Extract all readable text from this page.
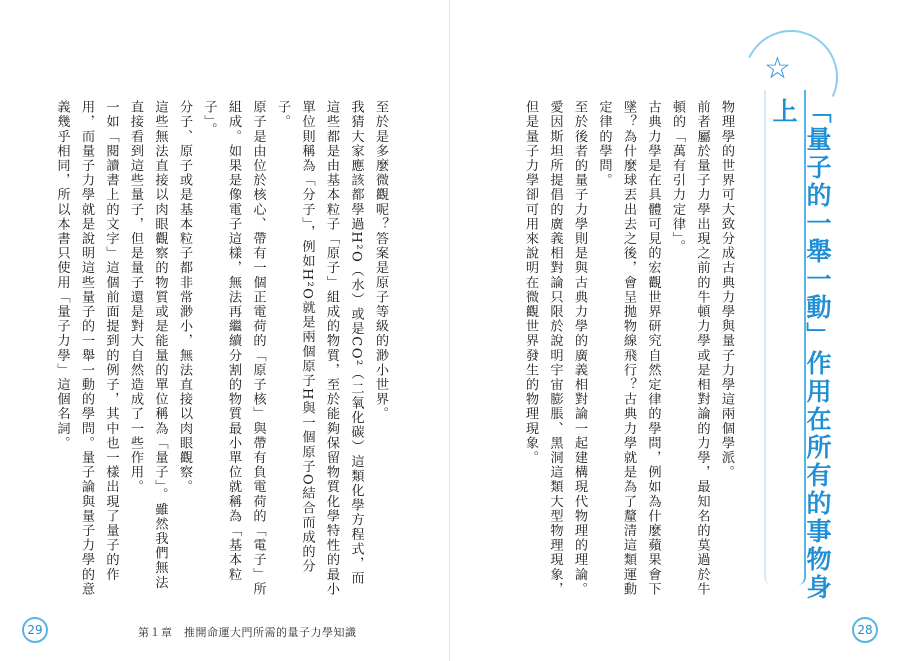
☆
「量子的一舉一動」作用在所有的事物身上

物理學的世界可大致分成古典力學與量子力學這兩個學派。

前者屬於量子力學出現之前的牛頓力學或是相對論的力學，最知名的莫過於牛頓的「萬有引力定律」。

古典力學是在具體可見的宏觀世界研究自然定律的學問，例如為什麼蘋果會下墜？為什麼球丟出去之後，會呈拋物線飛行？古典力學就是為了釐清這類運動定律的學問。

至於後者的量子力學則是與古典力學的廣義相對論一起建構現代物理的理論。

愛因斯坦所提倡的廣義相對論只限於說明宇宙膨脹、黑洞這類大型物理現象，但是量子力學卻可用來說明在微觀世界發生的物理現象。

至於是多麼微觀呢？答案是原子等級的渺小世界。

我猜大家應該都學過H²O（水）或是CO²（二氧化碳）這類化學方程式，而這些都是由基本粒子「原子」組成的物質，至於能夠保留物質化學特性的最小單位則稱為「分子」，例如H²O就是兩個原子H與一個原子O結合而成的分子。

原子是由位於核心、帶有一個正電荷的「原子核」與帶有負電荷的「電子」所組成。如果是像電子這樣，無法再繼續分割的物質最小單位就稱為「基本粒子」。

分子、原子或是基本粒子都非常渺小，無法直接以肉眼觀察。

這些無法直接以肉眼觀察的物質或是能量的單位稱為「量子」。雖然我們無法直接看到這些量子，但是量子還是對大自然造成了一些作用。

一如「閱讀書上的文字」這個前面提到的例子，其中也一樣出現了量子的作用，而量子力學就是說明這些量子的一舉一動的學問。量子論與量子力學的意義幾乎相同，所以本書只使用「量子力學」這個名詞。

29	第１章　推開命運大門所需的量子力學知識	28
